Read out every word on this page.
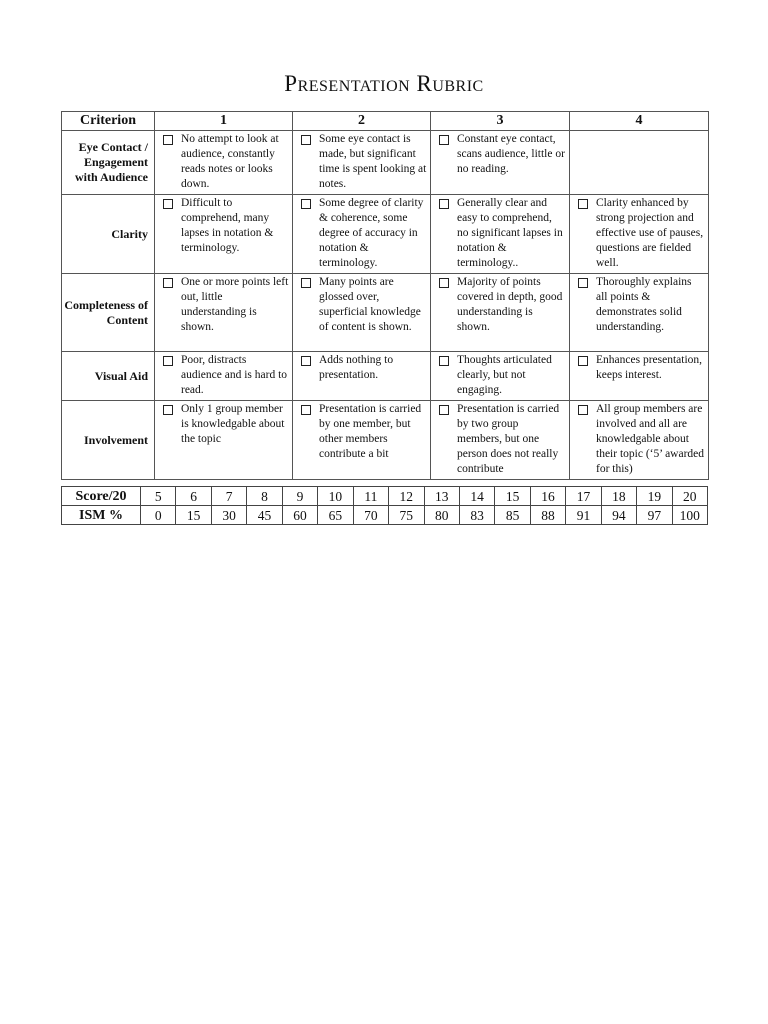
Presentation Rubric
Criterion	1	2	3	4
Eye Contact / Engagement with Audience	No attempt to look at audience, constantly reads notes or looks down.	Some eye contact is made, but significant time is spent looking at notes.	Constant eye contact, scans audience, little or no reading.	

Clarity	Difficult to comprehend, many lapses in notation & terminology.	Some degree of clarity & coherence, some degree of accuracy in notation & terminology.	Generally clear and easy to comprehend, no significant lapses in notation & terminology..	Clarity enhanced by strong projection and effective use of pauses, questions are fielded well.

Completeness of Content	One or more points left out, little understanding is shown.	Many points are glossed over, superficial knowledge of content is shown.	Majority of points covered in depth, good understanding is shown.	Thoroughly explains all points & demonstrates solid understanding.

Visual Aid	Poor, distracts audience and is hard to read.	Adds nothing to presentation.	Thoughts articulated clearly, but not engaging.	Enhances presentation, keeps interest.

Involvement	Only 1 group member is knowledgable about the topic	Presentation is carried by one member, but other members contribute a bit	Presentation is carried by two group members, but one person does not really contribute	All group members are involved and all are knowledgable about their topic (‘5’ awarded for this)
Score/20	5	6	7	8	9	10	11	12	13	14	15	16	17	18	19	20
ISM %	0	15	30	45	60	65	70	75	80	83	85	88	91	94	97	100
